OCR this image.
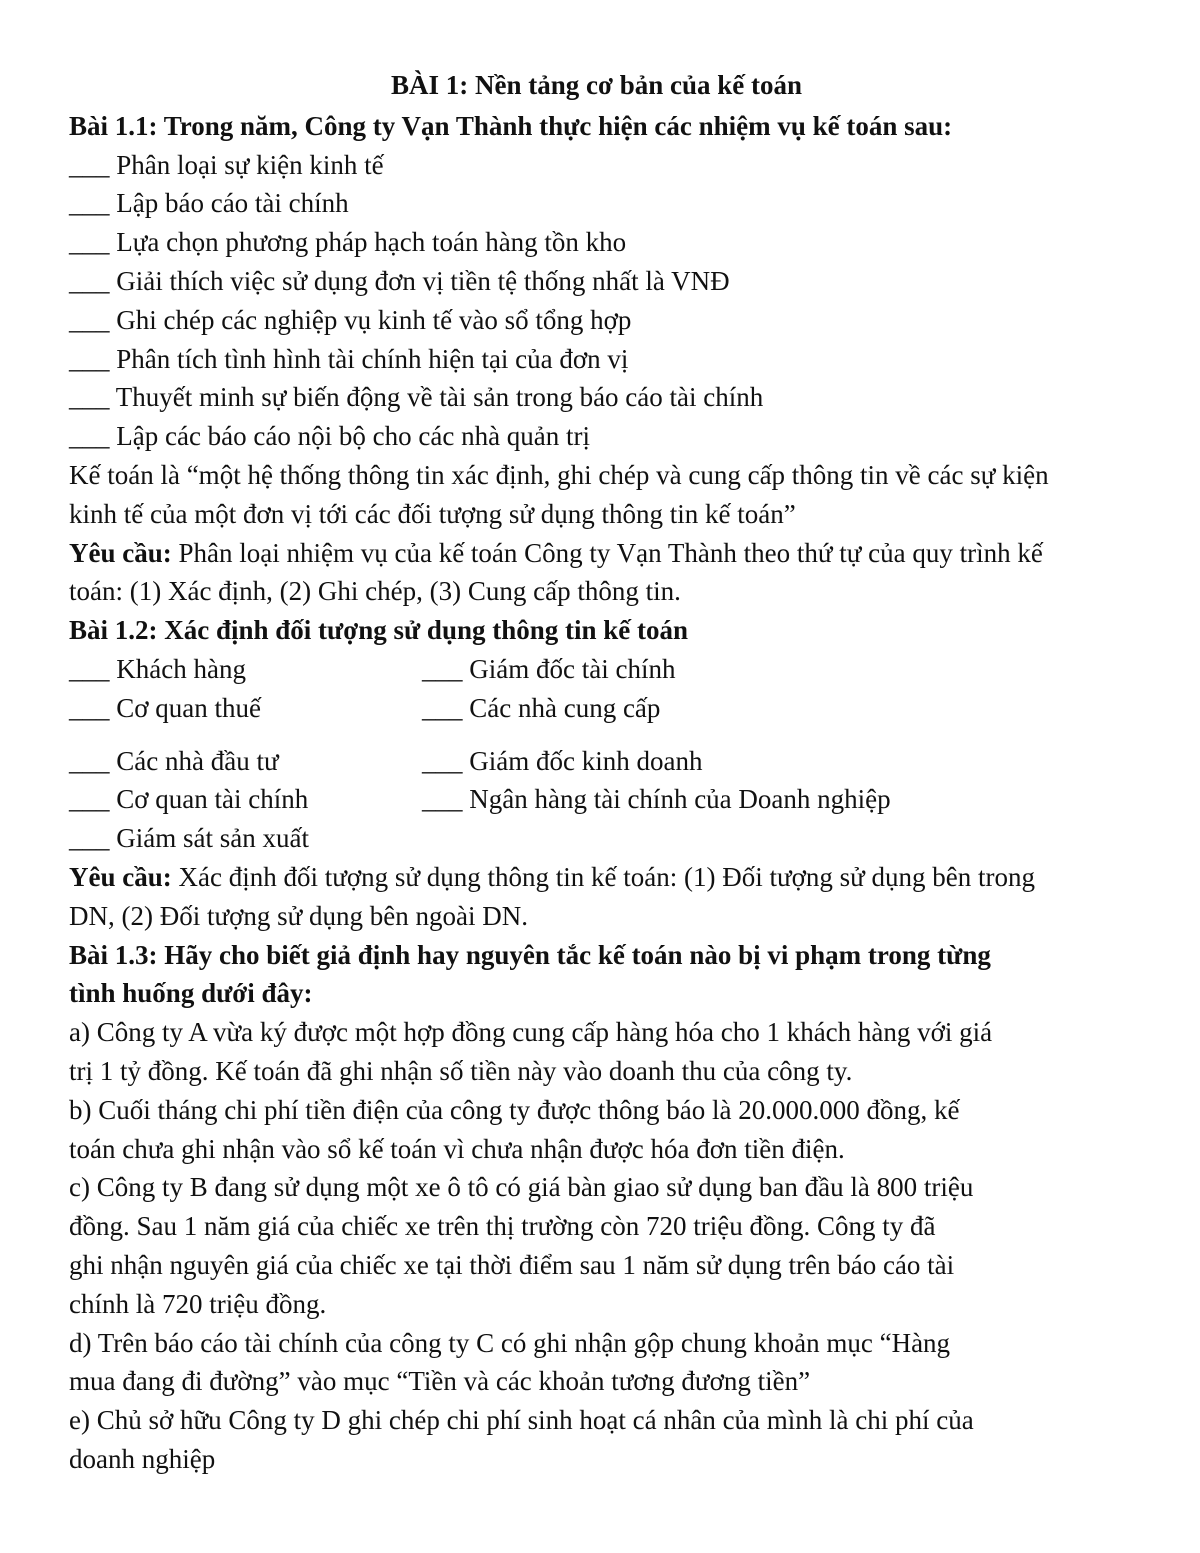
BÀI 1: Nền tảng cơ bản của kế toán
Bài 1.1: Trong năm, Công ty Vạn Thành thực hiện các nhiệm vụ kế toán sau:
___ Phân loại sự kiện kinh tế
___ Lập báo cáo tài chính
___ Lựa chọn phương pháp hạch toán hàng tồn kho
___ Giải thích việc sử dụng đơn vị tiền tệ thống nhất là VNĐ
___ Ghi chép các nghiệp vụ kinh tế vào sổ tổng hợp
___ Phân tích tình hình tài chính hiện tại của đơn vị
___ Thuyết minh sự biến động về tài sản trong báo cáo tài chính
___ Lập các báo cáo nội bộ cho các nhà quản trị
Kế toán là “một hệ thống thông tin xác định, ghi chép và cung cấp thông tin về các sự kiện
kinh tế của một đơn vị tới các đối tượng sử dụng thông tin kế toán”
Yêu cầu: Phân loại nhiệm vụ của kế toán Công ty Vạn Thành theo thứ tự của quy trình kế
toán: (1) Xác định, (2) Ghi chép, (3) Cung cấp thông tin.
Bài 1.2: Xác định đối tượng sử dụng thông tin kế toán
___ Khách hàng	___ Giám đốc tài chính
___ Cơ quan thuế	___ Các nhà cung cấp
___ Các nhà đầu tư	___ Giám đốc kinh doanh
___ Cơ quan tài chính	___ Ngân hàng tài chính của Doanh nghiệp
___ Giám sát sản xuất
Yêu cầu: Xác định đối tượng sử dụng thông tin kế toán: (1) Đối tượng sử dụng bên trong
DN, (2) Đối tượng sử dụng bên ngoài DN.
Bài 1.3: Hãy cho biết giả định hay nguyên tắc kế toán nào bị vi phạm trong từng
tình huống dưới đây:
a) Công ty A vừa ký được một hợp đồng cung cấp hàng hóa cho 1 khách hàng với giá
trị 1 tỷ đồng. Kế toán đã ghi nhận số tiền này vào doanh thu của công ty.
b) Cuối tháng chi phí tiền điện của công ty được thông báo là 20.000.000 đồng, kế
toán chưa ghi nhận vào sổ kế toán vì chưa nhận được hóa đơn tiền điện.
c) Công ty B đang sử dụng một xe ô tô có giá bàn giao sử dụng ban đầu là 800 triệu
đồng. Sau 1 năm giá của chiếc xe trên thị trường còn 720 triệu đồng. Công ty đã
ghi nhận nguyên giá của chiếc xe tại thời điểm sau 1 năm sử dụng trên báo cáo tài
chính là 720 triệu đồng.
d) Trên báo cáo tài chính của công ty C có ghi nhận gộp chung khoản mục “Hàng
mua đang đi đường” vào mục “Tiền và các khoản tương đương tiền”
e) Chủ sở hữu Công ty D ghi chép chi phí sinh hoạt cá nhân của mình là chi phí của
doanh nghiệp
